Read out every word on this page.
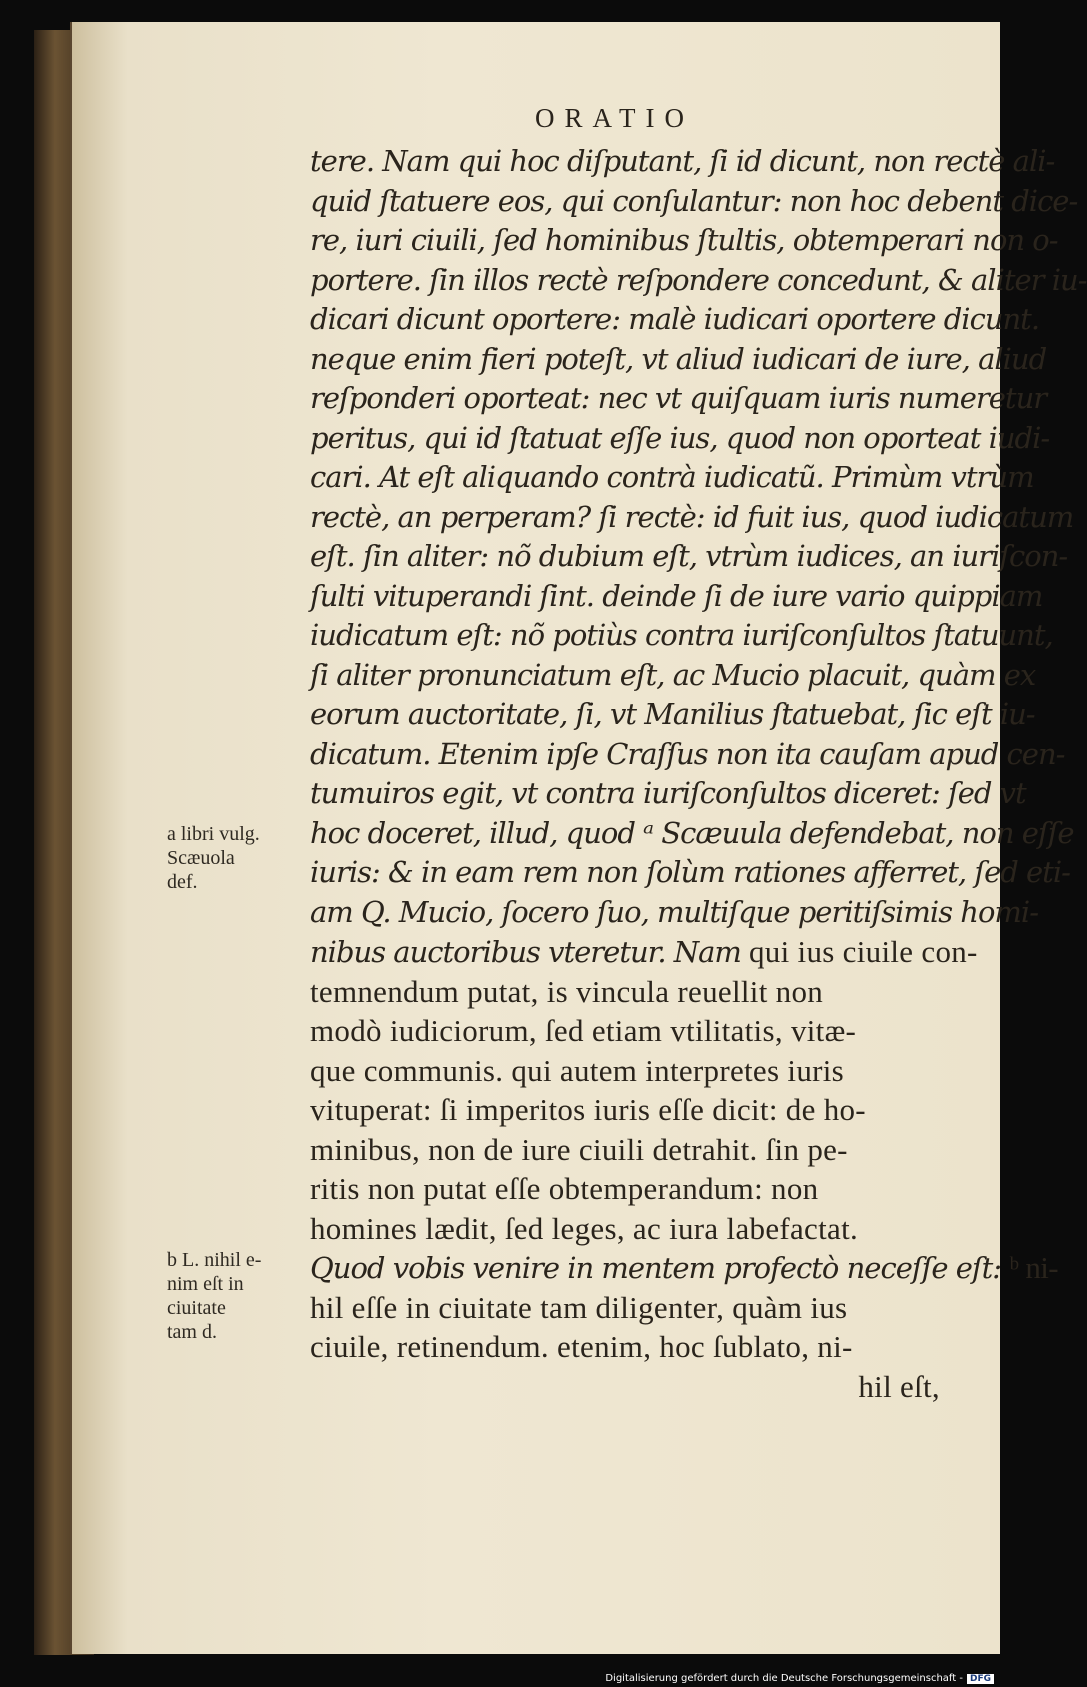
ORATIO
tere. Nam qui hoc diſputant, ſi id dicunt, non rectè ali-
quid ſtatuere eos, qui conſulantur: non hoc debent dice-
re, iuri ciuili, ſed hominibus ſtultis, obtemperari non o-
portere. ſin illos rectè reſpondere concedunt, & aliter iu-
dicari dicunt oportere: malè iudicari oportere dicunt.
neque enim fieri poteſt, vt aliud iudicari de iure, aliud
reſponderi oporteat: nec vt quiſquam iuris numeretur
peritus, qui id ſtatuat eſſe ius, quod non oporteat iudi-
cari. At eſt aliquando contrà iudicatũ. Primùm vtrùm
rectè, an perperam? ſi rectè: id fuit ius, quod iudicatum
eſt. ſin aliter: nõ dubium eſt, vtrùm iudices, an iuriſcon-
ſulti vituperandi ſint. deinde ſi de iure vario quippiam
iudicatum eſt: nõ potiùs contra iuriſconſultos ſtatuunt,
ſi aliter pronunciatum eſt, ac Mucio placuit, quàm ex
eorum auctoritate, ſi, vt Manilius ſtatuebat, ſic eſt iu-
dicatum. Etenim ipſe Craſſus non ita cauſam apud cen-
tumuiros egit, vt contra iuriſconſultos diceret: ſed vt
hoc doceret, illud, quod ᵃ Scæuula defendebat, non eſſe
iuris: & in eam rem non ſolùm rationes afferret, ſed eti-
am Q. Mucio, ſocero ſuo, multiſque peritiſsimis homi-
nibus auctoribus vteretur. Nam qui ius ciuile con-
temnendum putat, is vincula reuellit non
modò iudiciorum, ſed etiam vtilitatis, vitæ-
que communis. qui autem interpretes iuris
vituperat: ſi imperitos iuris eſſe dicit: de ho-
minibus, non de iure ciuili detrahit. ſin pe-
ritis non putat eſſe obtemperandum: non
homines lædit, ſed leges, ac iura labefactat.
Quod vobis venire in mentem profectò neceſſe eſt: ᵇ ni-
hil eſſe in ciuitate tam diligenter, quàm ius
ciuile, retinendum. etenim, hoc ſublato, ni-
hil eſt,
a libri vulg.
Scæuola
def.
b L. nihil e-
nim eſt in
ciuitate
tam d.
Digitalisierung gefördert durch die Deutsche Forschungsgemeinschaft - DFG
